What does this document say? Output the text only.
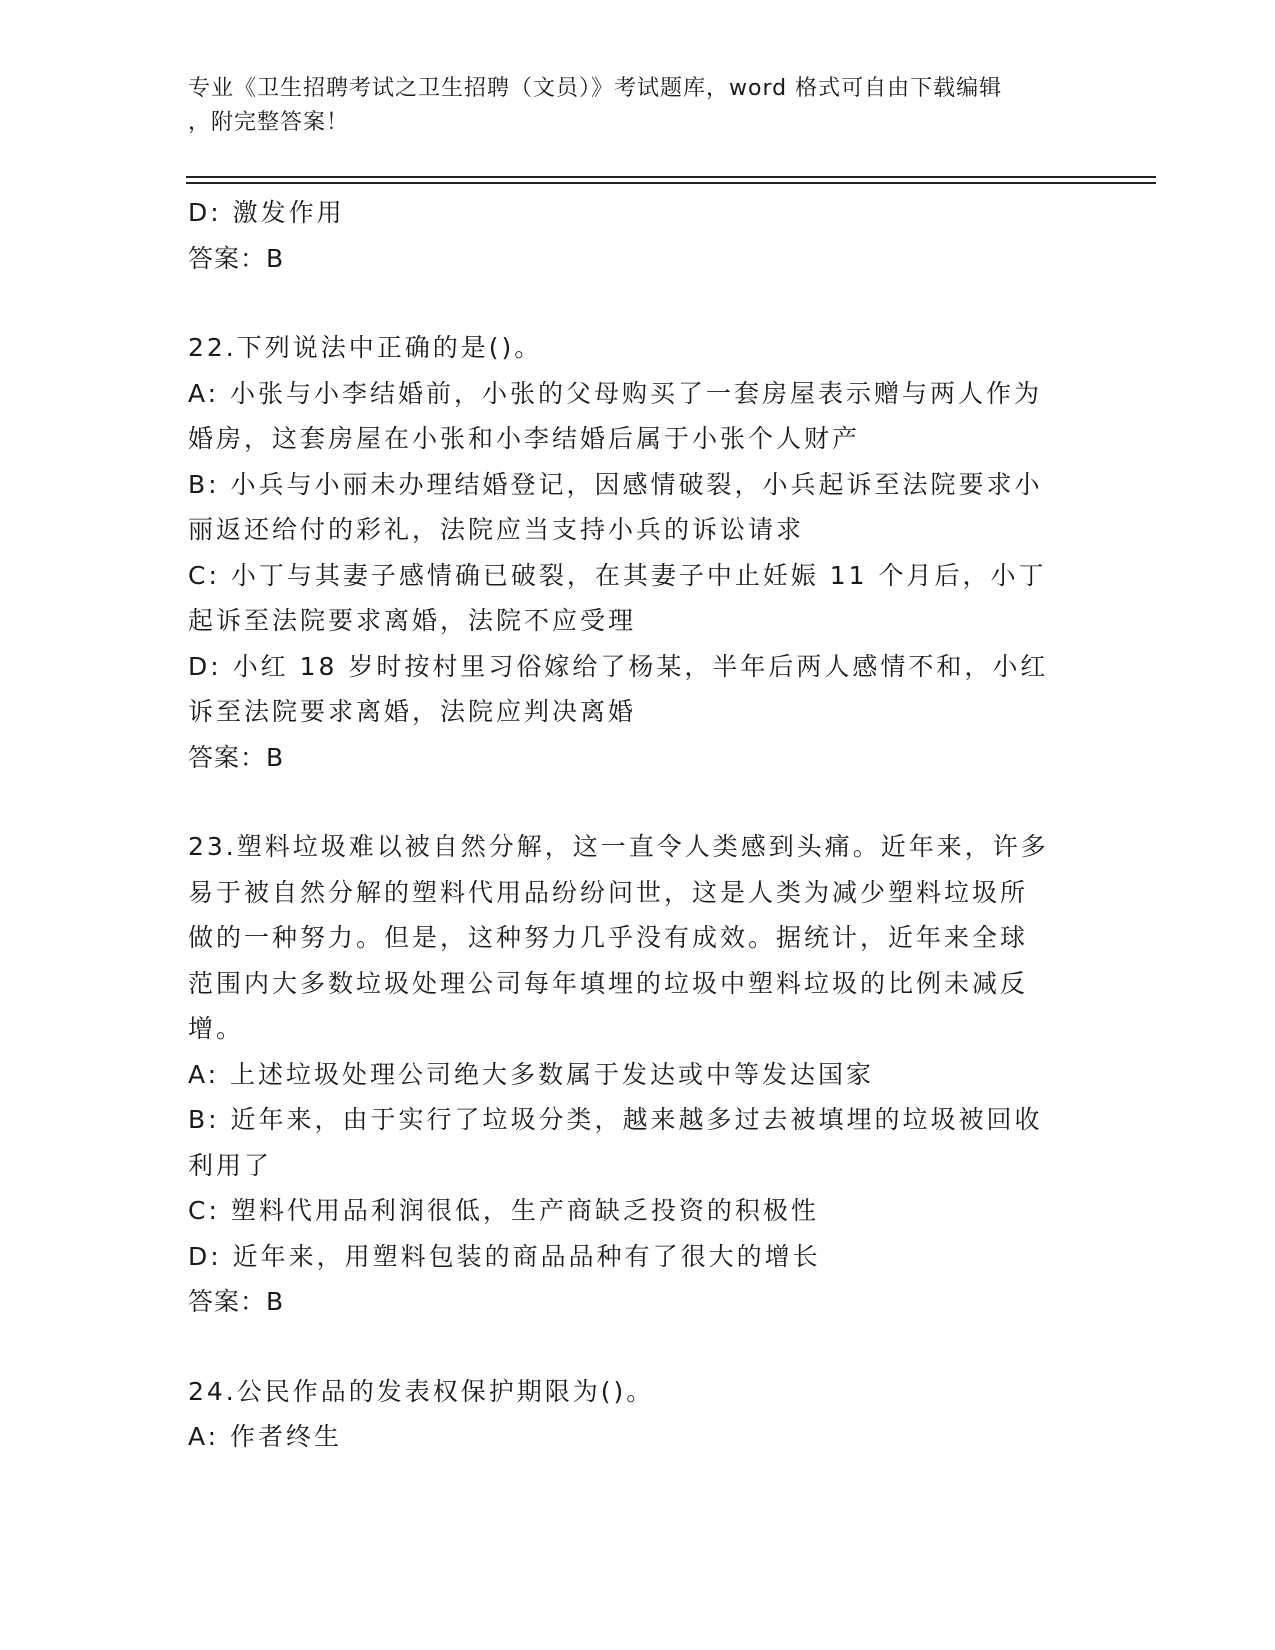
专业《卫生招聘考试之卫生招聘（文员）》考试题库，word 格式可自由下载编辑
，附完整答案！
D: 激发作用
答案：B
22.下列说法中正确的是()。
A: 小张与小李结婚前，小张的父母购买了一套房屋表示赠与两人作为
婚房，这套房屋在小张和小李结婚后属于小张个人财产
B: 小兵与小丽未办理结婚登记，因感情破裂，小兵起诉至法院要求小
丽返还给付的彩礼，法院应当支持小兵的诉讼请求
C: 小丁与其妻子感情确已破裂，在其妻子中止妊娠 11 个月后，小丁
起诉至法院要求离婚，法院不应受理
D: 小红 18 岁时按村里习俗嫁给了杨某，半年后两人感情不和，小红
诉至法院要求离婚，法院应判决离婚
答案：B
23.塑料垃圾难以被自然分解，这一直令人类感到头痛。近年来，许多
易于被自然分解的塑料代用品纷纷问世，这是人类为减少塑料垃圾所
做的一种努力。但是，这种努力几乎没有成效。据统计，近年来全球
范围内大多数垃圾处理公司每年填埋的垃圾中塑料垃圾的比例未减反
增。
A: 上述垃圾处理公司绝大多数属于发达或中等发达国家
B: 近年来，由于实行了垃圾分类，越来越多过去被填埋的垃圾被回收
利用了
C: 塑料代用品利润很低，生产商缺乏投资的积极性
D: 近年来，用塑料包装的商品品种有了很大的增长
答案：B
24.公民作品的发表权保护期限为()。
A: 作者终生
